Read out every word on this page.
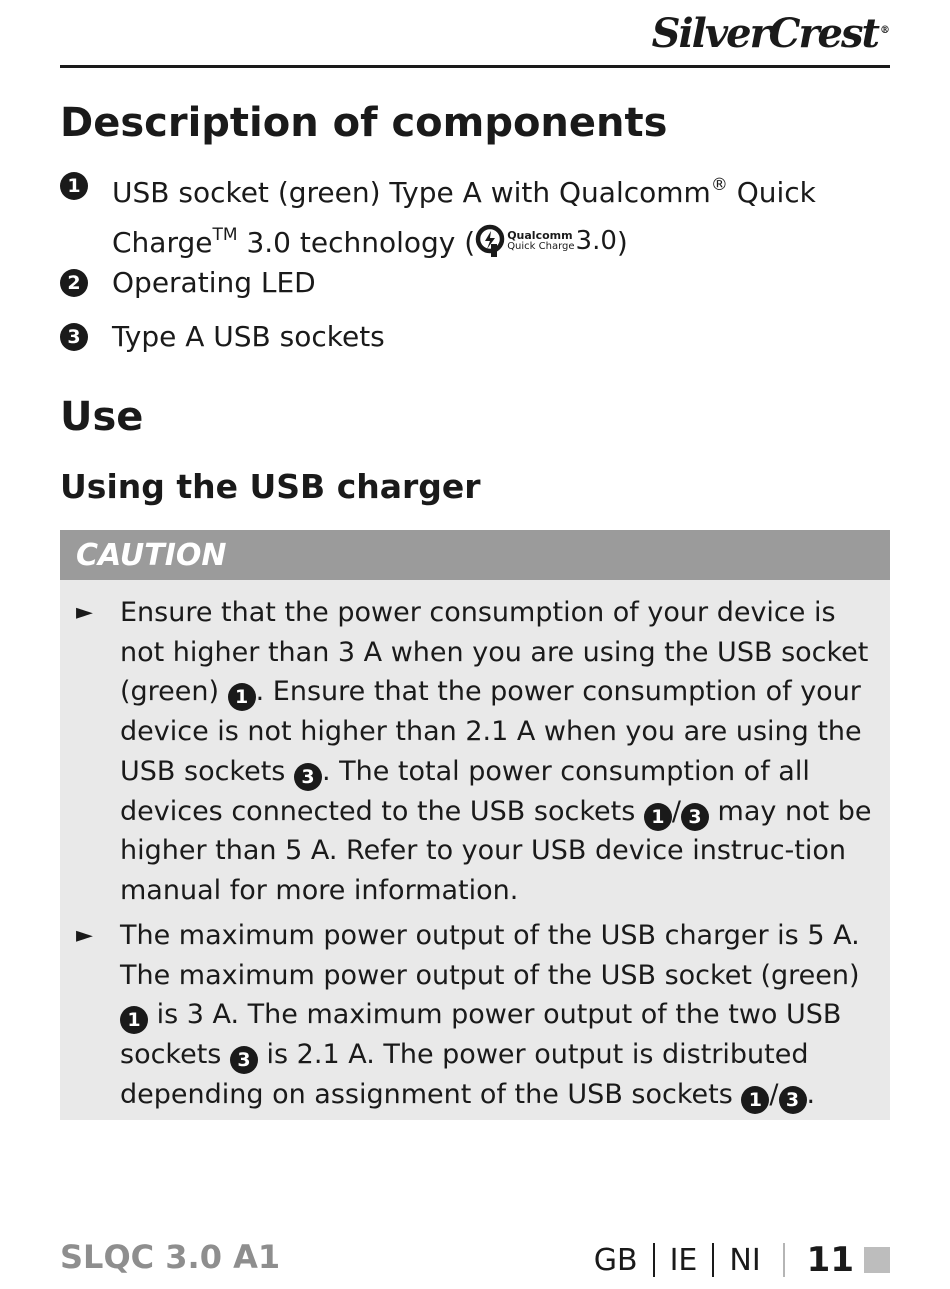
SilverCrest ®
Description of components
1 USB socket (green) Type A with Qualcomm® Quick Charge™ 3.0 technology (	Qualcomm
Quick Charge 3.0 )
2 Operating LED
3 Type A USB sockets
Use
Using the USB charger
CAUTION
► Ensure that the power consumption of your device is not higher than 3 A when you are using the USB socket (green) 1 . Ensure that the power consumption of your device is not higher than 2.1 A when you are using the USB sockets 3 . The total power consumption of all devices connected to the USB sockets 1 / 3 may not be higher than 5 A. Refer to your USB device instruc-tion manual for more information.
► The maximum power output of the USB charger is 5 A. The maximum power output of the USB socket (green) 1 is 3 A. The maximum power output of the two USB sockets 3 is 2.1 A. The power output is distributed depending on assignment of the USB sockets 1 / 3 .
SLQC 3.0 A1	GB IE NI 11
